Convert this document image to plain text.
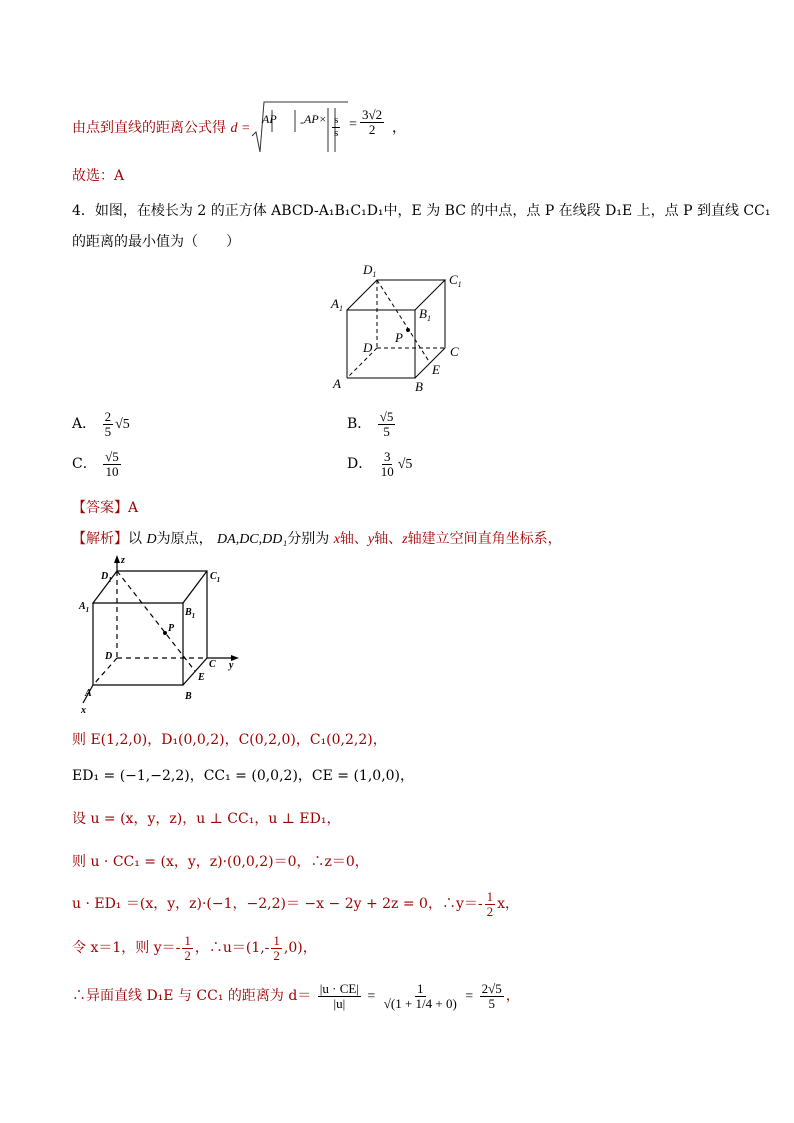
由点到直线的距离公式得 d =	-
AP $AP\times \frac{s}{s} = \frac{3√2}{2}$ ，
故选：A
4．如图，在棱长为 2 的正方体 ABCD-A₁B₁C₁D₁中，E 为 BC 的中点，点 P 在线段 D₁E 上，点 P 到直线 CC₁
的距离的最小值为（　　）
$D_1$	$C_1$
$A_1$	$B_1$
P
D	C
A	B
E
A． $\frac{2}{5} √5$	B． $\frac{√5}{5}$
C． $\frac{√5}{10}$	D． $\frac{3}{10} √5$
【答案】A
【解析】以 D为原点， DA,DC,DD₁分别为 x轴、y轴、z轴建立空间直角坐标系，
z
y
x
$D_1$	$C_1$
$A_1$	$B_1$
P
D
C
A	B
E
则 E(1,2,0)，D₁(0,0,2)，C(0,2,0)，C₁(0,2,2)，
ED₁ = (−1,−2,2)，CC₁ = (0,0,2)，CE = (1,0,0)，
设 u = (x，y，z)，u ⊥ CC₁，u ⊥ ED₁，
则 u · CC₁ = (x，y，z)·(0,0,2)＝0，∴z＝0，
u · ED₁ ＝(x，y，z)·(−1，−2,2)＝ −x − 2y + 2z = 0，∴y＝- $\frac{1}{2}$ x，
令 x＝1，则 $y=- \frac{1}{2}$ ，∴u＝(1,- $\frac{1}{2} ,0$)，
∴异面直线 D₁E 与 CC₁ 的距离为 $d= \frac{|u \cdot CE|}{|u|} = \frac{1}{√(1 + 1/4 + 0)} = \frac{2√5}{5}$ ，
